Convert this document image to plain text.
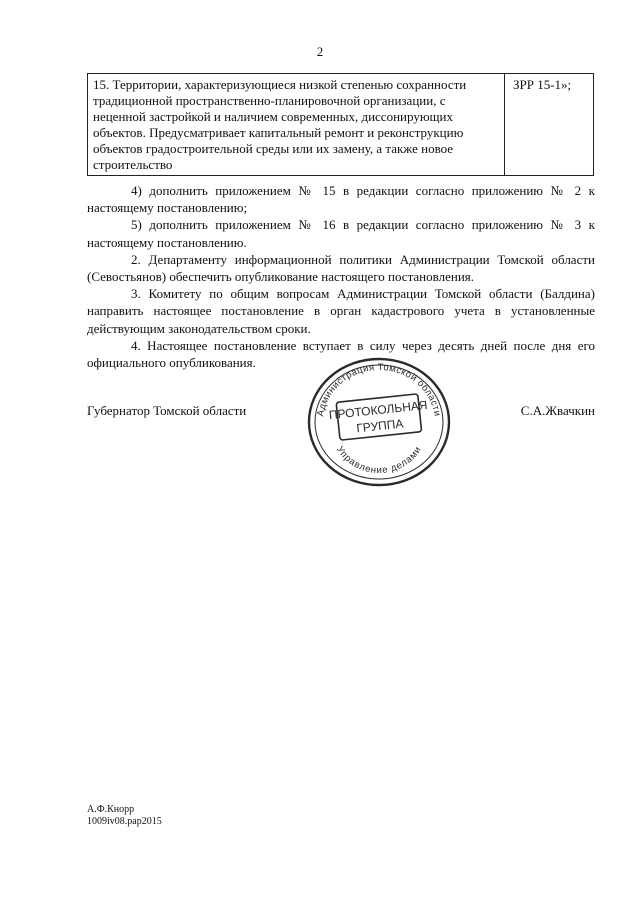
2
15. Территории, характеризующиеся низкой степенью сохранности традиционной пространственно-планировочной организации, с неценной застройкой и наличием современных, диссонирующих объектов. Предусматривает капитальный ремонт и реконструкцию объектов градостроительной среды или их замену, а также новое строительство	ЗРР 15-1»;

4) дополнить приложением № 15 в редакции согласно приложению № 2 к настоящему постановлению;

5) дополнить приложением № 16 в редакции согласно приложению № 3 к настоящему постановлению.

2. Департаменту информационной политики Администрации Томской области (Севостьянов) обеспечить опубликование настоящего постановления.

3. Комитету по общим вопросам Администрации Томской области (Балдина) направить настоящее постановление в орган кадастрового учета в установленные действующим законодательством сроки.

4. Настоящее постановление вступает в силу через десять дней после дня его официального опубликования.

Губернатор Томской области	С.А.Жвачкин
Администрация Томской области
Управление делами
ПРОТОКОЛЬНАЯ
ГРУППА
А.Ф.Кнорр
1009iv08.pap2015
